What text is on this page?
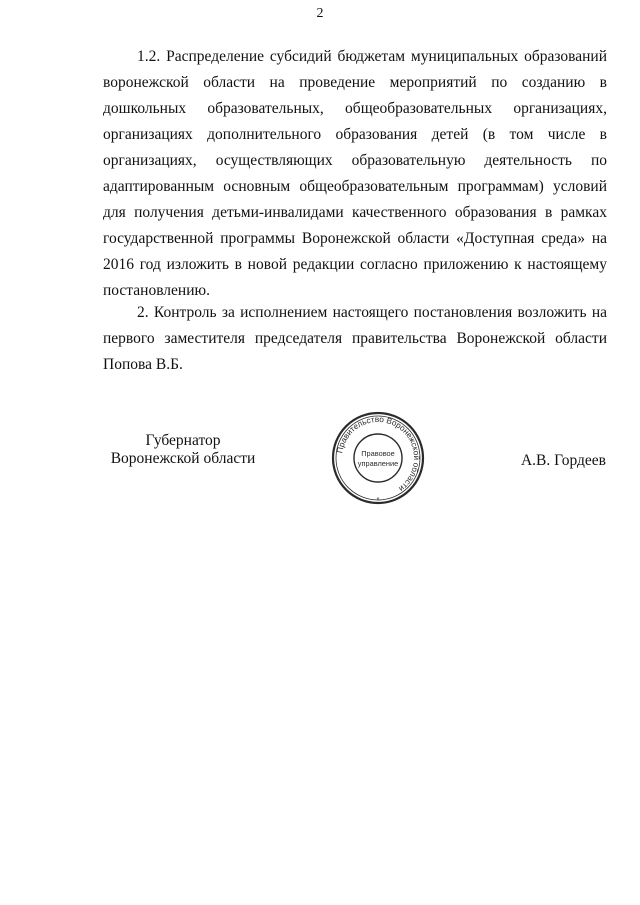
2

1.2. Распределение субсидий бюджетам муниципальных образований воронежской области на проведение мероприятий по созданию в дошкольных образовательных, общеобразовательных организациях, организациях дополнительного образования детей (в том числе в организациях, осуществляющих образовательную деятельность по адаптированным основным общеобразовательным программам) условий для получения детьми-инвалидами качественного образования в рамках государственной программы Воронежской области «Доступная среда» на 2016 год изложить в новой редакции согласно приложению к настоящему постановлению.

2. Контроль за исполнением настоящего постановления возложить на первого заместителя председателя правительства Воронежской области Попова В.Б.

Губернатор
Воронежской области	Правительство Воронежской области
Правовое
управление
*
А.В. Гордеев
